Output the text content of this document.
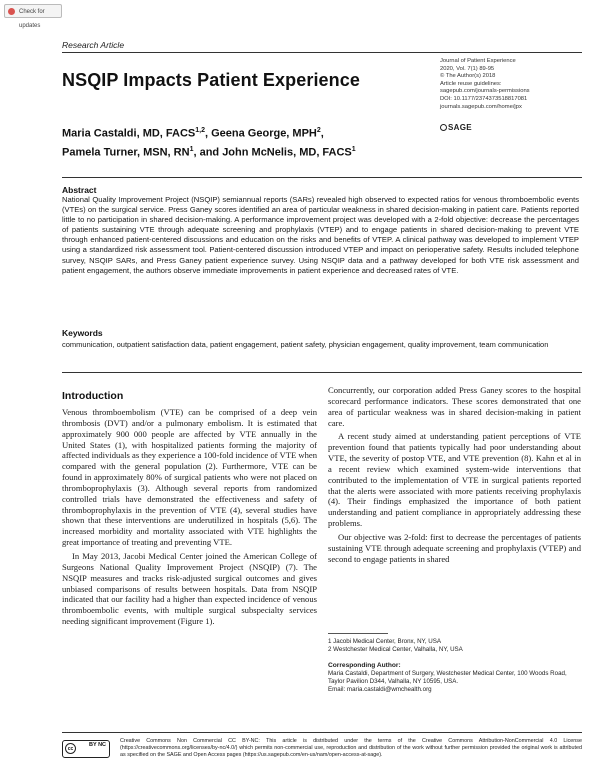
Check for updates
Research Article
NSQIP Impacts Patient Experience
Journal of Patient Experience
2020, Vol. 7(1) 89-95
© The Author(s) 2018
Article reuse guidelines:
sagepub.com/journals-permissions
DOI: 10.1177/2374373518817081
journals.sagepub.com/home/jpx
SAGE
Maria Castaldi, MD, FACS$^{1,2}$, Geena George, MPH$^2$,
Pamela Turner, MSN, $RN^1$, and John McNelis, MD, FACS$^1$
Abstract
National Quality Improvement Project (NSQIP) semiannual reports (SARs) revealed high observed to expected ratios for venous thromboembolic events (VTEs) on the surgical service. Press Ganey scores identified an area of particular weakness in shared decision-making in patient care. Patients reported little to no participation in shared decision-making. A performance improvement project was developed with a 2-fold objective: decrease the percentages of patients sustaining VTE through adequate screening and prophylaxis (VTEP) and to engage patients in shared decision-making to prevent VTE through enhanced patient-centered discussions and education on the risks and benefits of VTEP. A clinical pathway was developed to implement VTEP using a standardized risk assessment tool. Patient-centered discussion introduced VTEP and impact on perioperative safety. Results included telephone survey, NSQIP SARs, and Press Ganey patient experience survey. Using NSQIP data and a pathway developed for both VTE risk assessment and patient engagement, the authors observe immediate improvements in patient experience and decreased rates of VTE.
Keywords
communication, outpatient satisfaction data, patient engagement, patient safety, physician engagement, quality improvement, team communication
Introduction

Venous thromboembolism (VTE) can be comprised of a deep vein thrombosis (DVT) and/or a pulmonary embolism. It is estimated that approximately 900 000 people are affected by VTE annually in the United States (1), with hospitalized patients forming the majority of affected individuals as they experience a 100-fold incidence of VTE when compared with the general population (2). Furthermore, VTE can be found in approximately 80% of surgical patients who were not placed on thromboprophylaxis (3). Although several reports from randomized controlled trials have demonstrated the effectiveness and safety of thromboprophylaxis in the prevention of VTE (4), several studies have shown that these interventions are underutilized in hospitals (5,6). The increased morbidity and mortality associated with VTE highlights the great importance of treating and preventing VTE.

In May 2013, Jacobi Medical Center joined the American College of Surgeons National Quality Improvement Project (NSQIP) (7). The NSQIP measures and tracks risk-adjusted surgical outcomes and gives unbiased comparisons of results between hospitals. Data from NSQIP indicated that our facility had a higher than expected incidence of venous thromboembolic events, with multiple surgical subspecialty services needing significant improvement (Figure 1).

Concurrently, our corporation added Press Ganey scores to the hospital scorecard performance indicators. These scores demonstrated that one area of particular weakness was in shared decision-making in patient care.

A recent study aimed at understanding patient perceptions of VTE prevention found that patients typically had poor understanding about VTE, the severity of postop VTE, and VTE prevention (8). Kahn et al in a recent review which examined system-wide interventions that contributed to the implementation of VTE in surgical patients reported that the alerts were associated with more patients receiving prophylaxis (4). Their findings emphasized the importance of both patient understanding and patient compliance in appropriately addressing these problems.

Our objective was 2-fold: first to decrease the percentages of patients sustaining VTE through adequate screening and prophylaxis (VTEP) and second to engage patients in shared

1 Jacobi Medical Center, Bronx, NY, USA
2 Westchester Medical Center, Valhalla, NY, USA
Corresponding Author:
Maria Castaldi, Department of Surgery, Westchester Medical Center, 100 Woods Road, Taylor Pavilion D344, Valhalla, NY 10595, USA.
Email: maria.castaldi@wmchealth.org
cc
BY NC
Creative Commons Non Commercial CC BY-NC: This article is distributed under the terms of the Creative Commons Attribution-NonCommercial 4.0 License (https://creativecommons.org/licenses/by-nc/4.0/) which permits non-commercial use, reproduction and distribution of the work without further permission provided the original work is attributed as specified on the SAGE and Open Access pages (https://us.sagepub.com/en-us/nam/open-access-at-sage).
